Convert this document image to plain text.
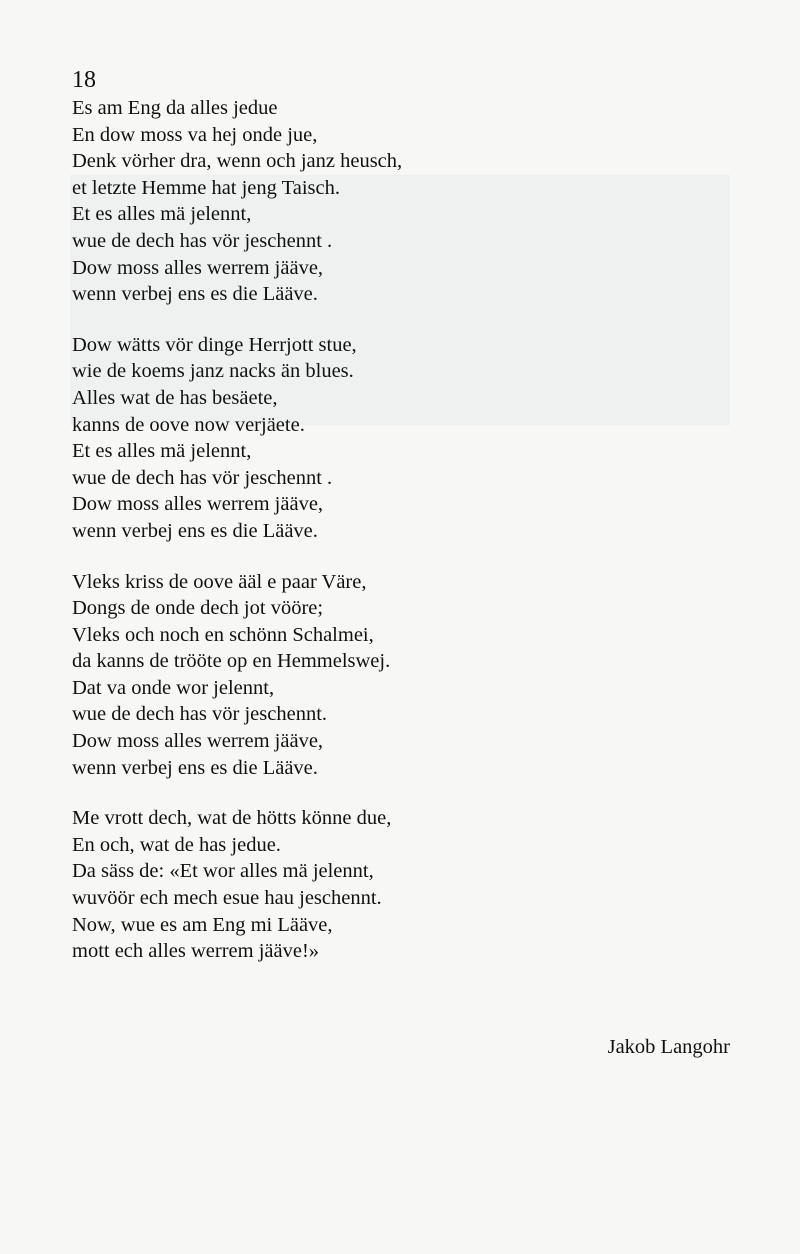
18
Es am Eng da alles jedue
En dow moss va hej onde jue,
Denk vörher dra, wenn och janz heusch,
et letzte Hemme hat jeng Taisch.
Et es alles mä jelennt,
wue de dech has vör jeschennt .
Dow moss alles werrem jääve,
wenn verbej ens es die Lääve.
Dow wätts vör dinge Herrjott stue,
wie de koems janz nacks än blues.
Alles wat de has besäete,
kanns de oove now verjäete.
Et es alles mä jelennt,
wue de dech has vör jeschennt .
Dow moss alles werrem jääve,
wenn verbej ens es die Lääve.
Vleks kriss de oove ääl e paar Väre,
Dongs de onde dech jot vööre;
Vleks och noch en schönn Schalmei,
da kanns de trööte op en Hemmelswej.
Dat va onde wor jelennt,
wue de dech has vör jeschennt.
Dow moss alles werrem jääve,
wenn verbej ens es die Lääve.
Me vrott dech, wat de hötts könne due,
En och, wat de has jedue.
Da säss de: «Et wor alles mä jelennt,
wuvöör ech mech esue hau jeschennt.
Now, wue es am Eng mi Lääve,
mott ech alles werrem jääve!»
Jakob Langohr
